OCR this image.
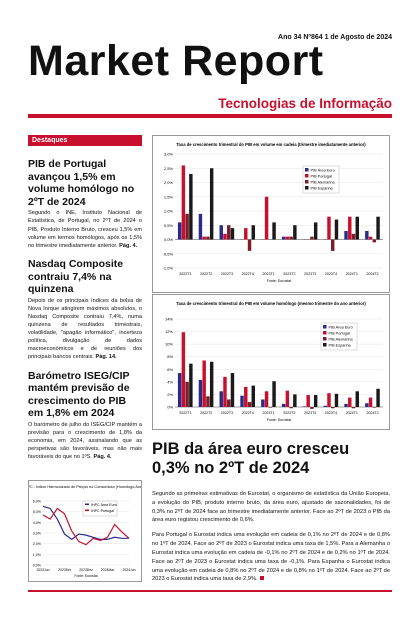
Ano 34 Nº864 1 de Agosto de 2024
Market Report
Tecnologias de Informação
Destaques
PIB de Portugal avançou 1,5% em volume homólogo no 2ºT de 2024

Segundo o INE, Instituto Nacional de Estatística, de Portugal, no 2ºT de 2024 o PIB, Produto Interno Bruto, cresceu 1,5% em volume em termos homólogos, após os 1,5% no trimestre imediatamente anterior. Pág. 4.

Nasdaq Composite contraiu 7,4% na quinzena

Depois de os principais índices da bolsa de Nova Iorque atingirem máximos absolutos, o Nasdaq Composite contraiu 7,4%, numa quinzena de resultados trimestrais, volatilidade, "apagão informático", incerteza política, divulgação de dados macroeconómicos e de reuniões dos principais bancos centrais. Pág. 14.

Barómetro ISEG/CIP mantém previsão de crescimento do PIB em 1,8% em 2024

O barómetro de julho do ISEG/CIP mantém a previsão para o crescimento de 1,8% da economia, em 2024, assinalando que as perspetivas são favoráveis, mas não mais favoráveis do que no 1ºS. Pág. 4.

Taxa de crescimento trimestral do PIB em volume em cadeia (trimestre imediatamente anterior)
-1,0%
-0,5%
0,0%
0,5%
1,0%
1,5%
2,0%
2,5%
3,0%
2022T1 2022T2 2022T3 2022T4 2023T1 2023T2 2023T3 2023T4 2024T1 2024T2
Fonte: Eurostat
PIB Área Euro
PIB Portugal
PIB Alemanha
PIB Espanha
Taxa de crescimento trimestral do PIB em volume homólogo (mesmo trimestre do ano anterior)
0%
2%
4%
6%
8%
10%
12%
14%
2022T1 2022T2 2022T3 2022T4 2023T1 2023T2 2023T3 2023T4 2024T1 2024T2
Fonte: Eurostat
PIB Área Euro
PIB Portugal
PIB Alemanha
PIB Espanha
IHPC - Índice Harmonizado de Preços no Consumidor (Homólogo Anual)
0,0%
1,0%
2,0%
3,0%
4,0%
5,0%
6,0%
2023Jun	2023Set 2023Dez 2024Mar 2024Jun
Fonte: Eurostat
IHPC Área Euro
IHPC Portugal
PIB da área euro cresceu 0,3% no 2ºT de 2024

Segundo as primeiras estimativas do Eurostat, o organismo de estatística da União Europeia, a evolução do PIB, produto interno bruto, da área euro, ajustado de sazonalidades, foi de 0,3% no 2ºT de 2024 face ao trimestre imediatamente anterior. Face ao 2ºT de 2023 o PIB da área euro registou crescimento de 0,6%.

Para Portugal o Eurostat indica uma evolução em cadeia de 0,1% no 2ºT de 2024 e de 0,8% no 1ºT de 2024. Face ao 2ºT de 2023 o Eurostat indica uma taxa de 1,5%. Para a Alemanha o Eurostat indica uma evolução em cadeia de -0,1% no 2ºT de 2024 e de 0,2% no 1ºT de 2024. Face ao 2ºT de 2023 o Eurostat indica uma taxa de -0,1%. Para Espanha o Eurostat indica uma evolução em cadeia de 0,8% no 2ºT de 2024 e de 0,8% no 1ºT de 2024. Face ao 2ºT de 2023 o Eurostat indica uma taxa de 2,9%.
